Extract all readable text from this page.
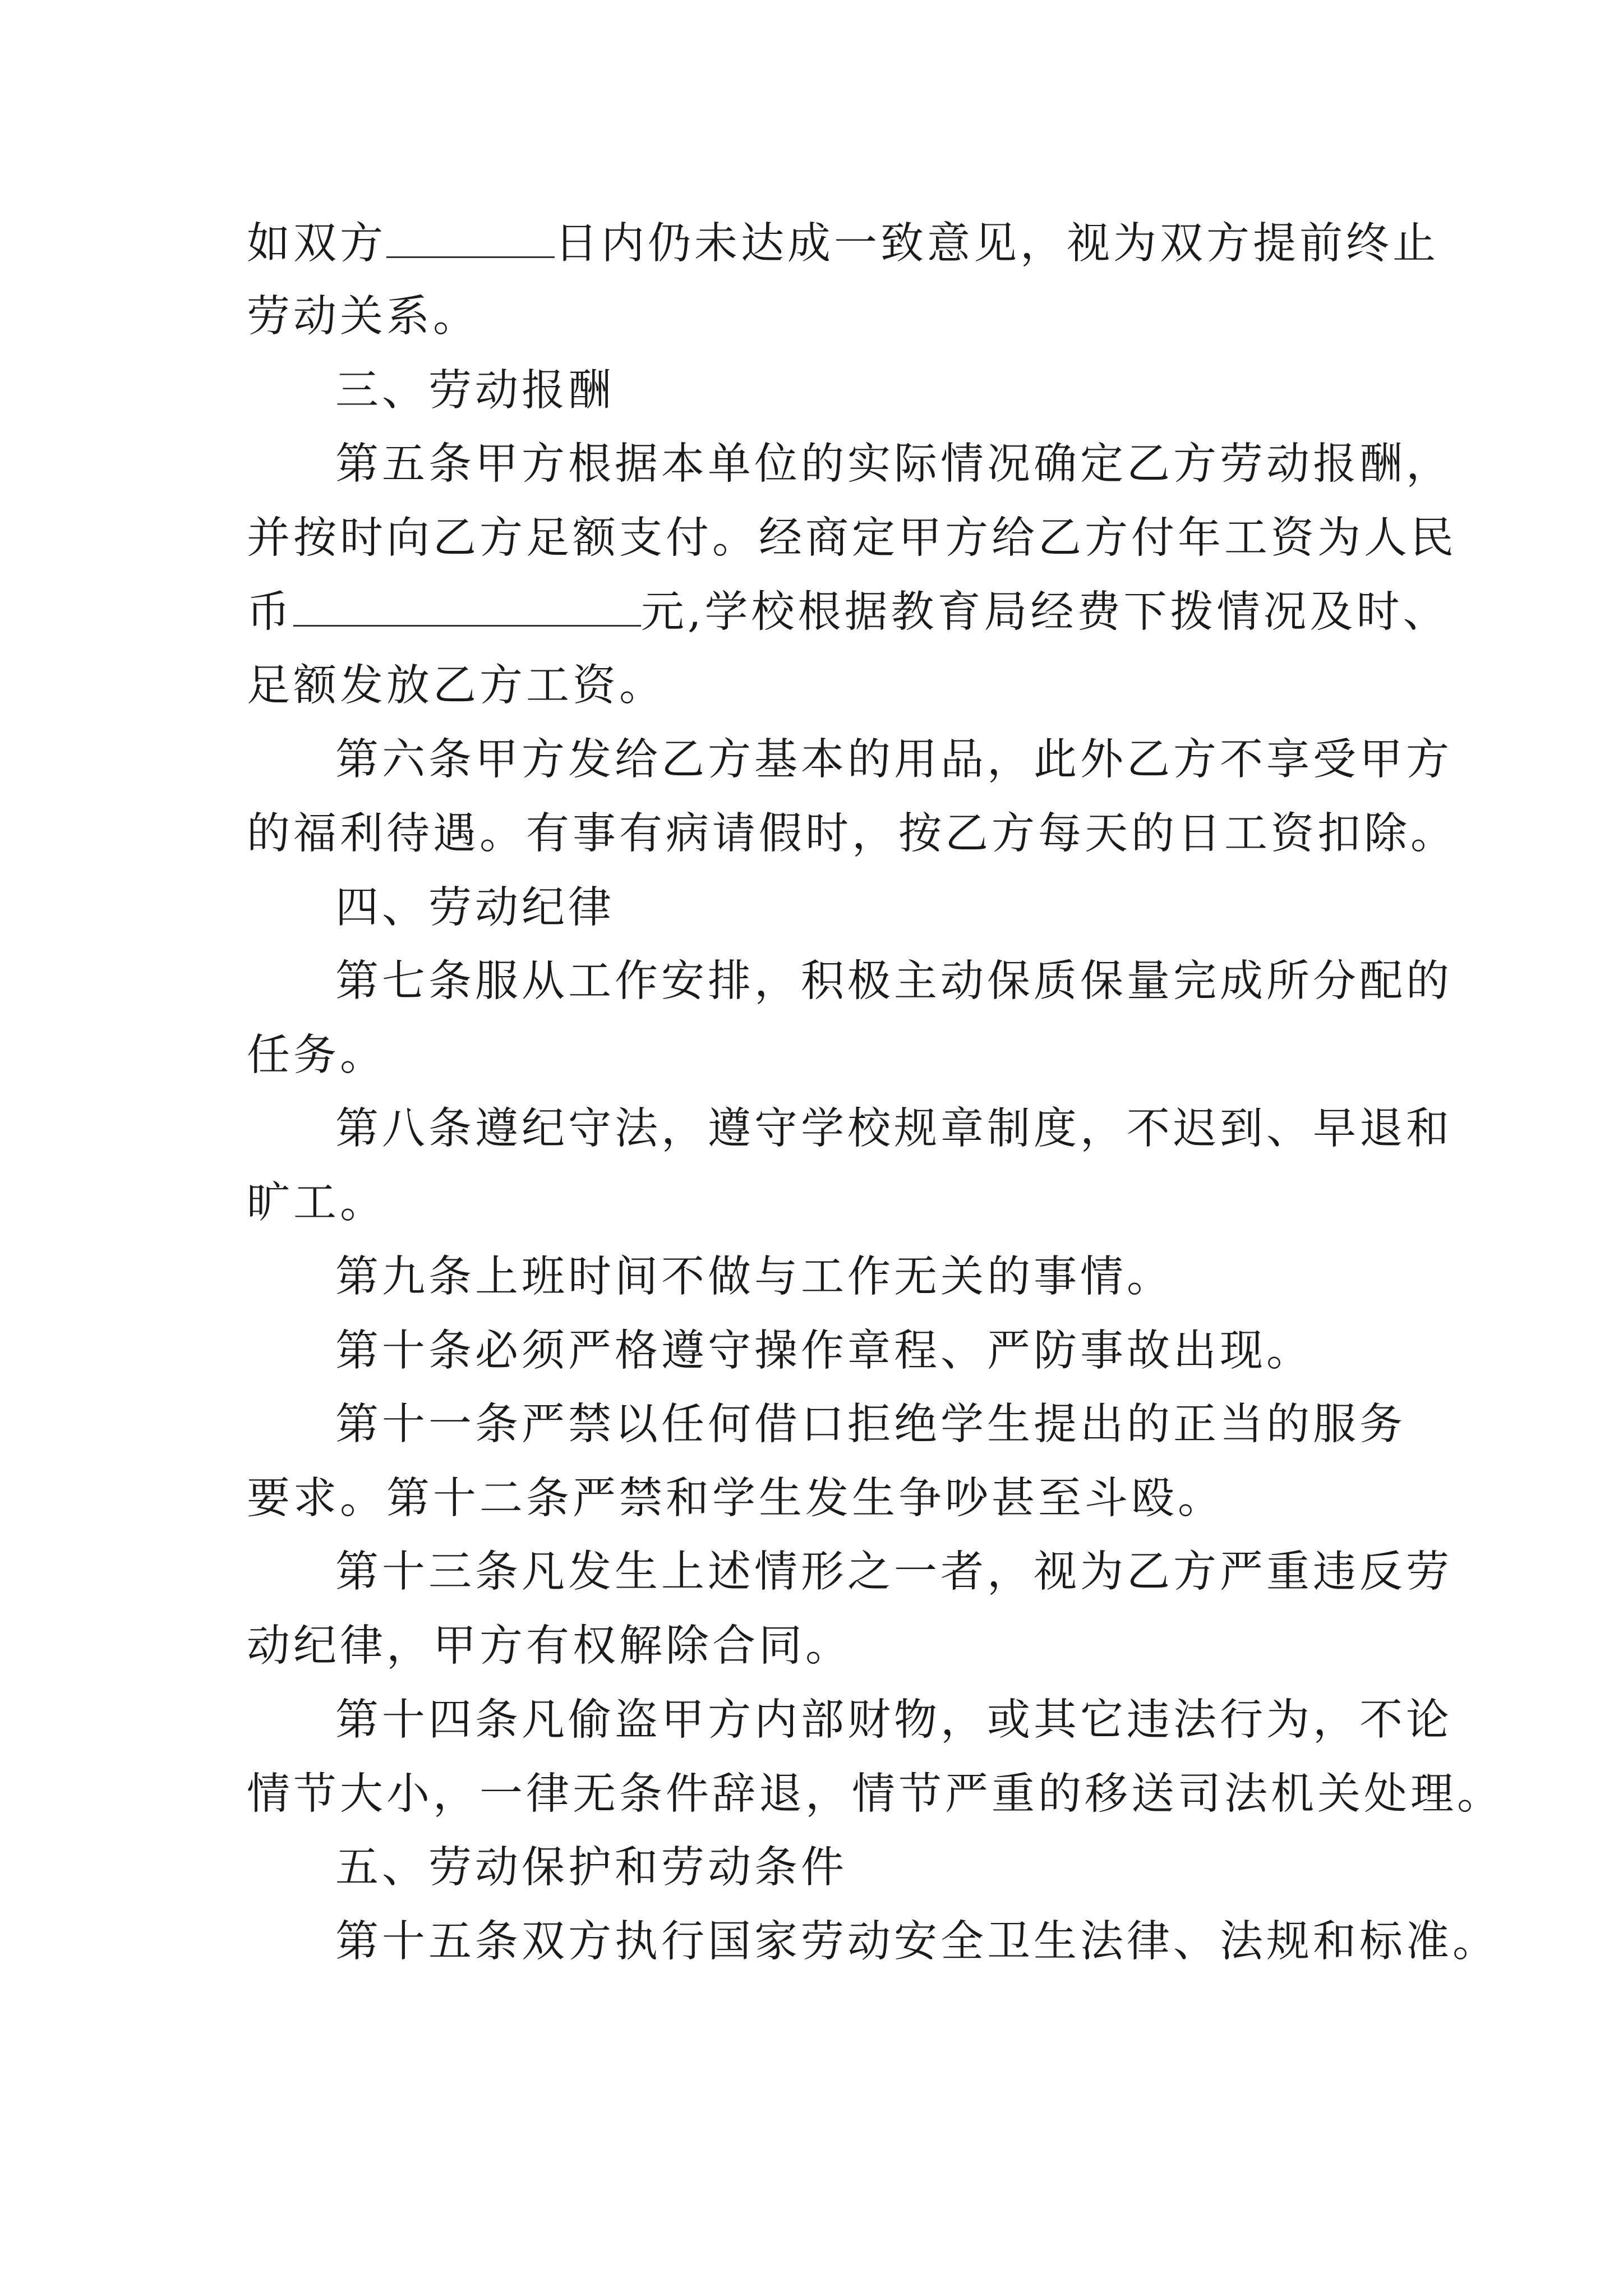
如双方	日内仍未达成一致意见，视为双方提前终止
劳动关系。
三、劳动报酬
第五条甲方根据本单位的实际情况确定乙方劳动报酬，
并按时向乙方足额支付。经商定甲方给乙方付年工资为人民
币	元,学校根据教育局经费下拨情况及时、
足额发放乙方工资。
第六条甲方发给乙方基本的用品，此外乙方不享受甲方
的福利待遇。有事有病请假时，按乙方每天的日工资扣除。
四、劳动纪律
第七条服从工作安排，积极主动保质保量完成所分配的
任务。
第八条遵纪守法，遵守学校规章制度，不迟到、早退和
旷工。
第九条上班时间不做与工作无关的事情。
第十条必须严格遵守操作章程、严防事故出现。
第十一条严禁以任何借口拒绝学生提出的正当的服务
要求。第十二条严禁和学生发生争吵甚至斗殴。
第十三条凡发生上述情形之一者，视为乙方严重违反劳
动纪律，甲方有权解除合同。
第十四条凡偷盗甲方内部财物，或其它违法行为，不论
情节大小，一律无条件辞退，情节严重的移送司法机关处理。
五、劳动保护和劳动条件
第十五条双方执行国家劳动安全卫生法律、法规和标准。
